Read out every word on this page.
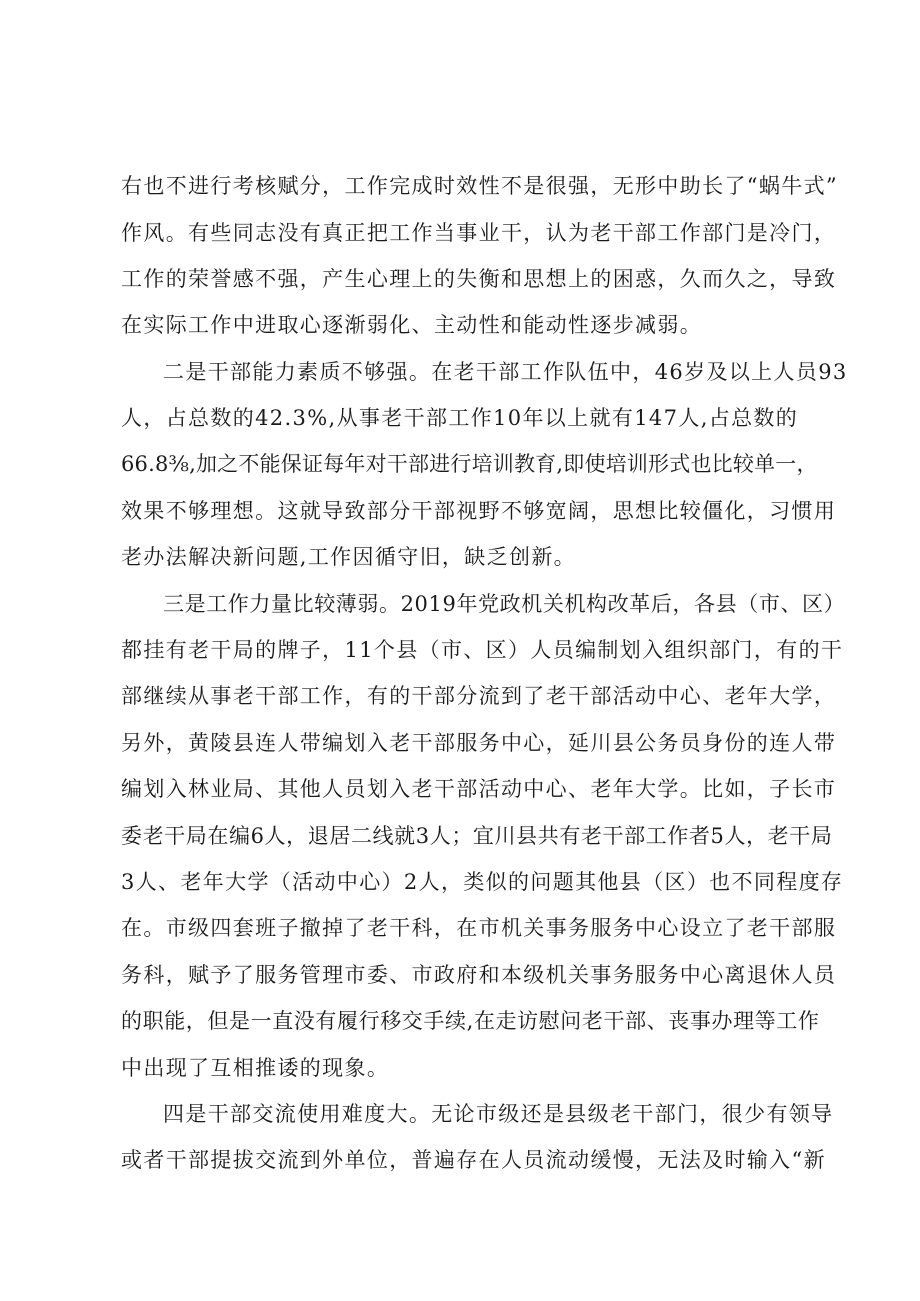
右也不进行考核赋分，工作完成时效性不是很强，无形中助长了“蜗牛式”
作风。有些同志没有真正把工作当事业干，认为老干部工作部门是冷门，
工作的荣誉感不强，产生心理上的失衡和思想上的困惑，久而久之，导致
在实际工作中进取心逐渐弱化、主动性和能动性逐步减弱。
二是干部能力素质不够强。在老干部工作队伍中，46岁及以上人员93
人，占总数的42.3%,从事老干部工作10年以上就有147人,占总数的
66.8⅜,加之不能保证每年对干部进行培训教育,即使培训形式也比较单一，
效果不够理想。这就导致部分干部视野不够宽阔，思想比较僵化，习惯用
老办法解决新问题,工作因循守旧，缺乏创新。
三是工作力量比较薄弱。2019年党政机关机构改革后，各县（市、区）
都挂有老干局的牌子，11个县（市、区）人员编制划入组织部门，有的干
部继续从事老干部工作，有的干部分流到了老干部活动中心、老年大学，
另外，黄陵县连人带编划入老干部服务中心，延川县公务员身份的连人带
编划入林业局、其他人员划入老干部活动中心、老年大学。比如，子长市
委老干局在编6人，退居二线就3人；宜川县共有老干部工作者5人，老干局
3人、老年大学（活动中心）2人，类似的问题其他县（区）也不同程度存
在。市级四套班子撤掉了老干科，在市机关事务服务中心设立了老干部服
务科，赋予了服务管理市委、市政府和本级机关事务服务中心离退休人员
的职能，但是一直没有履行移交手续,在走访慰问老干部、丧事办理等工作
中出现了互相推诿的现象。
四是干部交流使用难度大。无论市级还是县级老干部门，很少有领导
或者干部提拔交流到外单位，普遍存在人员流动缓慢，无法及时输入“新
